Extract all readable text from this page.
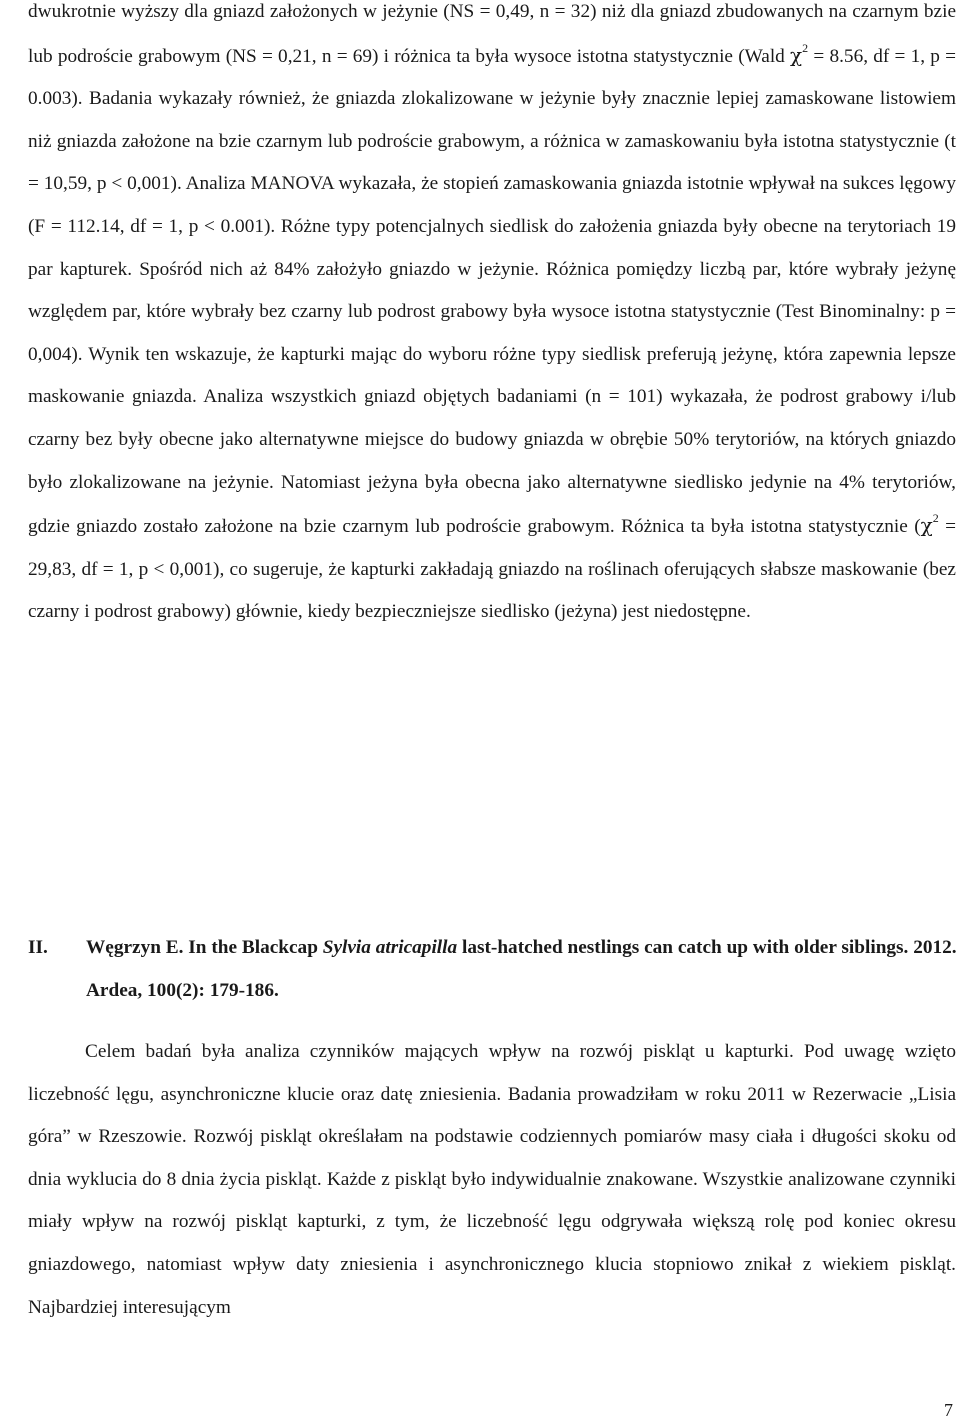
dwukrotnie wyższy dla gniazd założonych w jeżynie (NS = 0,49, n = 32) niż dla gniazd zbudowanych na czarnym bzie lub podroście grabowym (NS = 0,21, n = 69) i różnica ta była wysoce istotna statystycznie (Wald $\chi^2 = 8.56$, df = 1, p = 0.003). Badania wykazały również, że gniazda zlokalizowane w jeżynie były znacznie lepiej zamaskowane listowiem niż gniazda założone na bzie czarnym lub podroście grabowym, a różnica w zamaskowaniu była istotna statystycznie (t = 10,59, p < 0,001). Analiza MANOVA wykazała, że stopień zamaskowania gniazda istotnie wpływał na sukces lęgowy (F = 112.14, df = 1, p < 0.001). Różne typy potencjalnych siedlisk do założenia gniazda były obecne na terytoriach 19 par kapturek. Spośród nich aż 84% założyło gniazdo w jeżynie. Różnica pomiędzy liczbą par, które wybrały jeżynę względem par, które wybrały bez czarny lub podrost grabowy była wysoce istotna statystycznie (Test Binominalny: p = 0,004). Wynik ten wskazuje, że kapturki mając do wyboru różne typy siedlisk preferują jeżynę, która zapewnia lepsze maskowanie gniazda. Analiza wszystkich gniazd objętych badaniami (n = 101) wykazała, że podrost grabowy i/lub czarny bez były obecne jako alternatywne miejsce do budowy gniazda w obrębie 50% terytoriów, na których gniazdo było zlokalizowane na jeżynie. Natomiast jeżyna była obecna jako alternatywne siedlisko jedynie na 4% terytoriów, gdzie gniazdo zostało założone na bzie czarnym lub podroście grabowym. Różnica ta była istotna statystycznie ($\chi^2 = 29,83$, df = 1, p < 0,001), co sugeruje, że kapturki zakładają gniazdo na roślinach oferujących słabsze maskowanie (bez czarny i podrost grabowy) głównie, kiedy bezpieczniejsze siedlisko (jeżyna) jest niedostępne.

II. Węgrzyn E. In the Blackcap Sylvia atricapilla last-hatched nestlings can catch up with older siblings. 2012. Ardea, 100(2): 179-186.

Celem badań była analiza czynników mających wpływ na rozwój piskląt u kapturki. Pod uwagę wzięto liczebność lęgu, asynchroniczne klucie oraz datę zniesienia. Badania prowadziłam w roku 2011 w Rezerwacie „Lisia góra” w Rzeszowie. Rozwój piskląt określałam na podstawie codziennych pomiarów masy ciała i długości skoku od dnia wyklucia do 8 dnia życia piskląt. Każde z piskląt było indywidualnie znakowane. Wszystkie analizowane czynniki miały wpływ na rozwój piskląt kapturki, z tym, że liczebność lęgu odgrywała większą rolę pod koniec okresu gniazdowego, natomiast wpływ daty zniesienia i asynchronicznego klucia stopniowo znikał z wiekiem piskląt. Najbardziej interesującym

7
